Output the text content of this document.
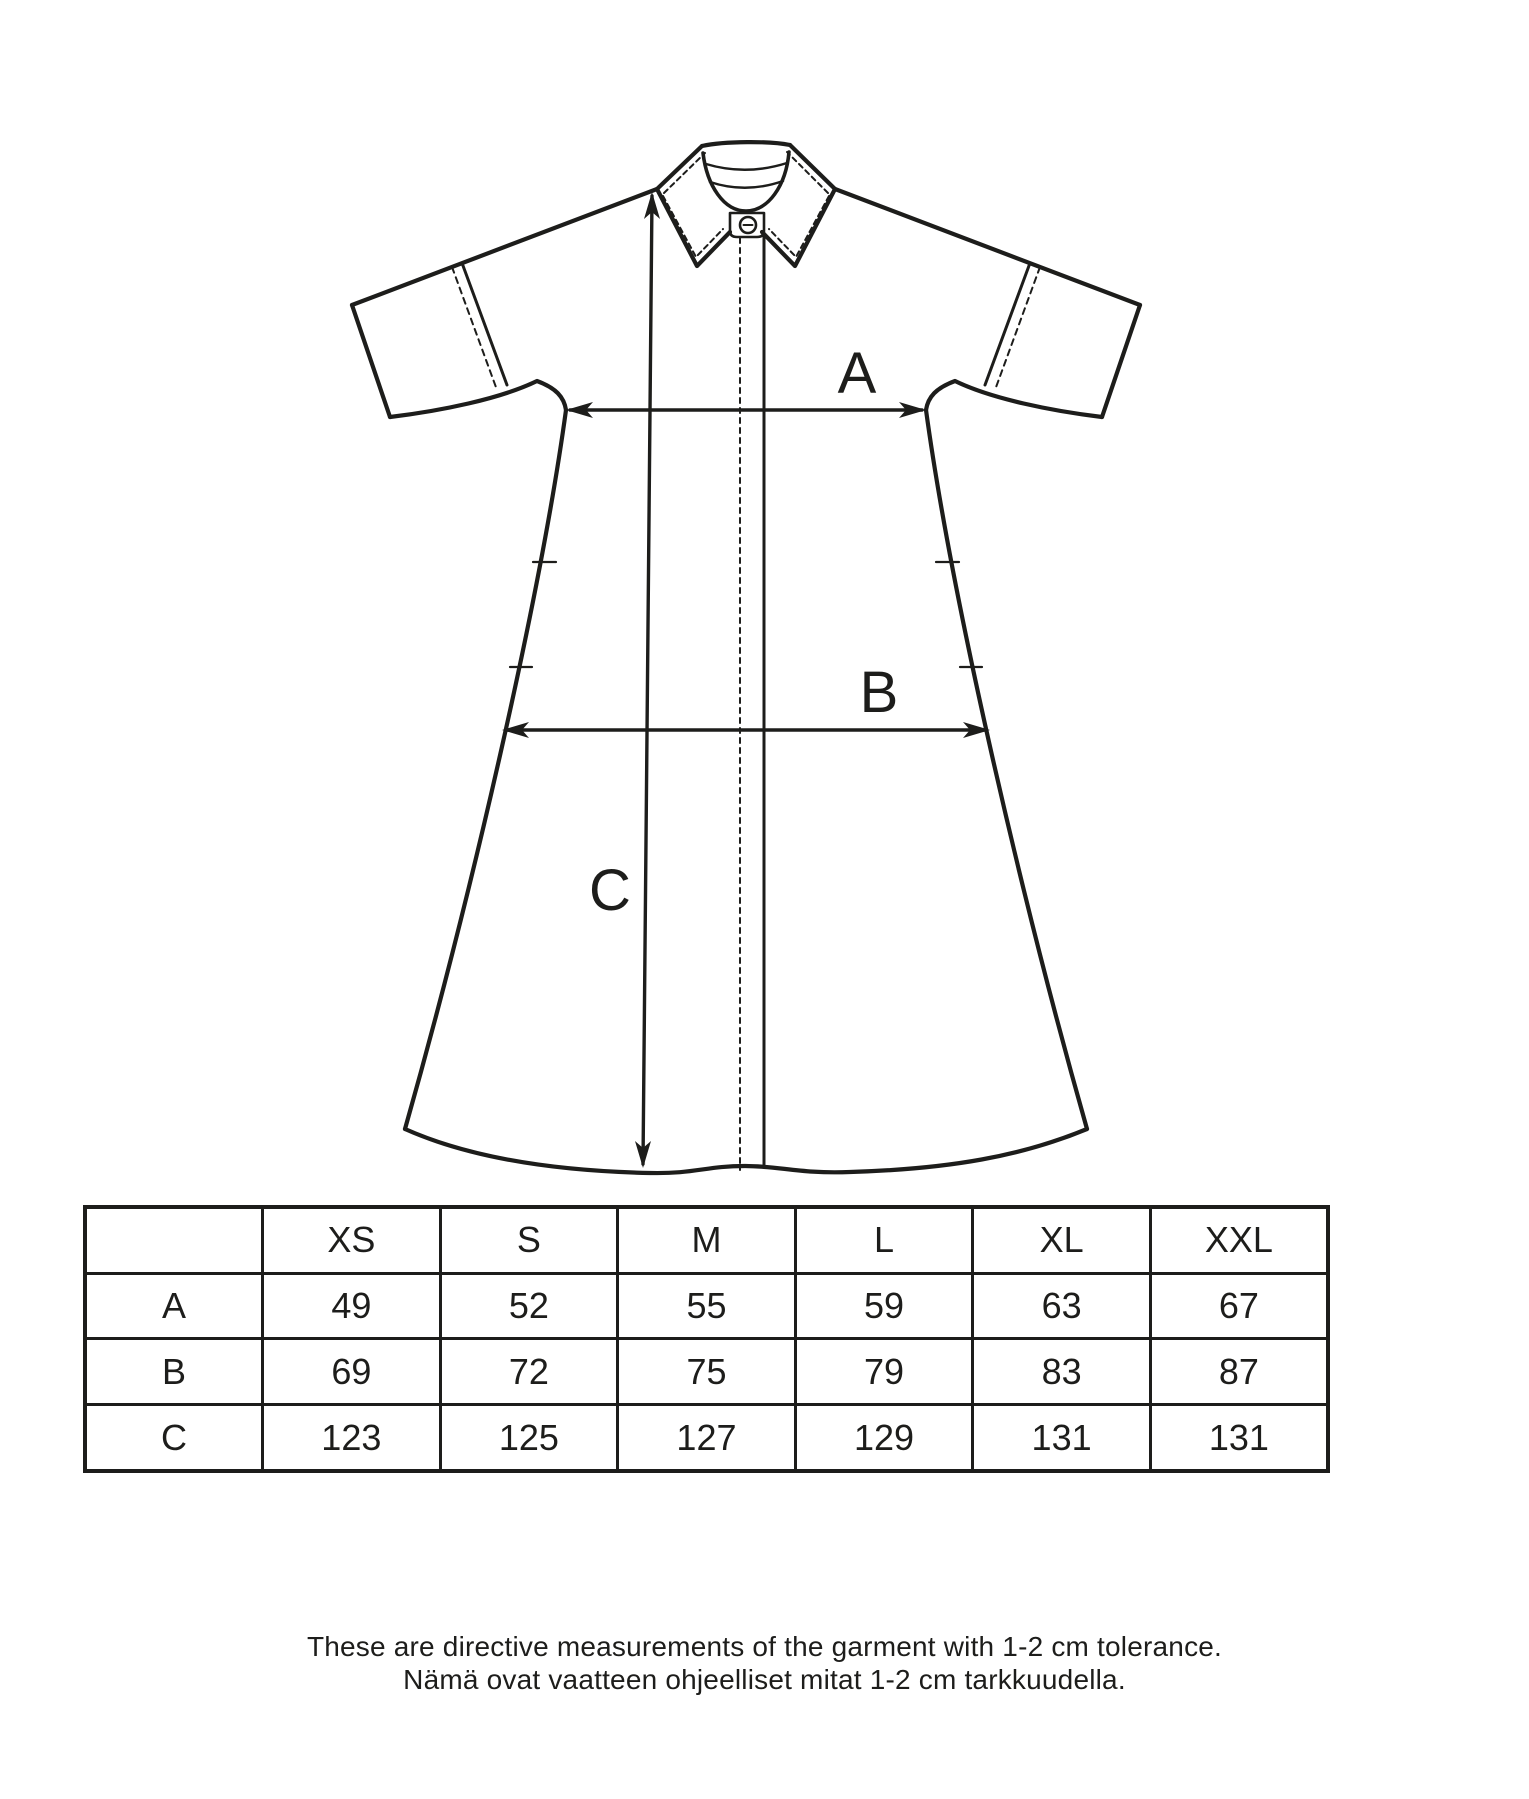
A
B
C
	XS	S	M	L	XL	XXL
A	49	52	55	59	63	67
B	69	72	75	79	83	87
C	123	125	127	129	131	131
These are directive measurements of the garment with 1-2 cm tolerance.
Nämä ovat vaatteen ohjeelliset mitat 1-2 cm tarkkuudella.
